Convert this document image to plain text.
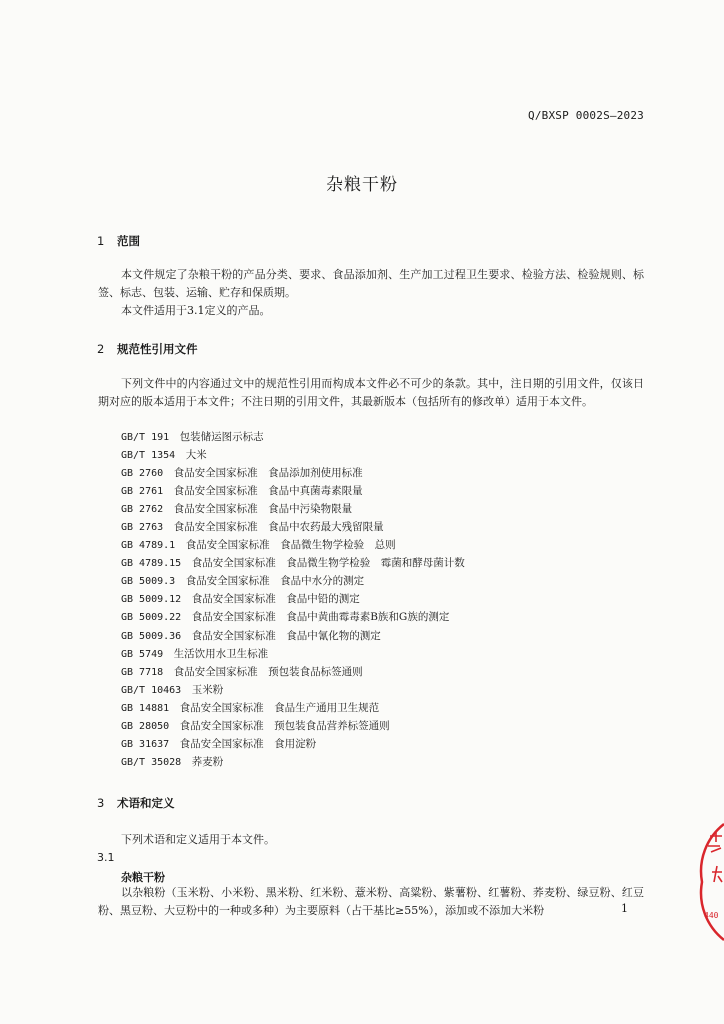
Q/BXSP 0002S—2023
杂粮干粉
1 范围
本文件规定了杂粮干粉的产品分类、要求、食品添加剂、生产加工过程卫生要求、检验方法、检验规则、标签、标志、包装、运输、贮存和保质期。
本文件适用于3.1定义的产品。
2 规范性引用文件
下列文件中的内容通过文中的规范性引用而构成本文件必不可少的条款。其中，注日期的引用文件，仅该日期对应的版本适用于本文件；不注日期的引用文件，其最新版本（包括所有的修改单）适用于本文件。
GB/T 191　 包装储运图示标志
GB/T 1354　 大米
GB 2760　 食品安全国家标准　食品添加剂使用标准
GB 2761　 食品安全国家标准　食品中真菌毒素限量
GB 2762　 食品安全国家标准　食品中污染物限量
GB 2763　 食品安全国家标准　食品中农药最大残留限量
GB 4789.1　 食品安全国家标准　食品微生物学检验　总则
GB 4789.15　 食品安全国家标准　食品微生物学检验　霉菌和酵母菌计数
GB 5009.3　 食品安全国家标准　食品中水分的测定
GB 5009.12　 食品安全国家标准　食品中铅的测定
GB 5009.22　 食品安全国家标准　食品中黄曲霉毒素B族和G族的测定
GB 5009.36　 食品安全国家标准　食品中氰化物的测定
GB 5749　 生活饮用水卫生标准
GB 7718　 食品安全国家标准　预包装食品标签通则
GB/T 10463　 玉米粉
GB 14881　 食品安全国家标准　食品生产通用卫生规范
GB 28050　 食品安全国家标准　预包装食品营养标签通则
GB 31637　 食品安全国家标准　食用淀粉
GB/T 35028　 荞麦粉
3 术语和定义
下列术语和定义适用于本文件。
3.1
杂粮干粉
以杂粮粉（玉米粉、小米粉、黑米粉、红米粉、薏米粉、高粱粉、紫薯粉、红薯粉、荞麦粉、绿豆粉、红豆粉、黑豆粉、大豆粉中的一种或多种）为主要原料（占干基比≥55%），添加或不添加大米粉	1
440
